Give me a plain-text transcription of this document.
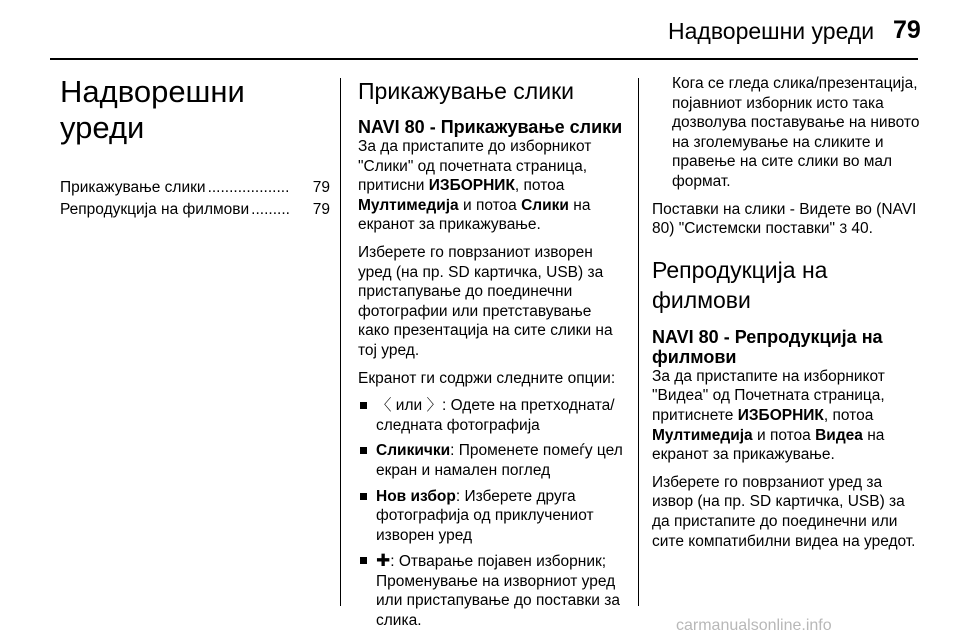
Надворешни уреди 79
Надворешни уреди
Прикажување слики ...................	79
Репродукција на филмови .........	79
Прикажување слики
NAVI 80 - Прикажување слики

За да пристапите до изборникот "Слики" од почетната страница, притисни ИЗБОРНИК, потоа Мултимедија и потоа Слики на екранот за прикажување.

Изберете го поврзаниот изворен уред (на пр. SD картичка, USB) за пристапување до поединечни фотографии или претставување како презентација на сите слики на тој уред.

Екранот ги содржи следните опции:

〈 или 〉: Одете на претходната/следната фотографија
Сликички: Променете помеѓу цел екран и намален поглед
Нов избор: Изберете друга фотографија од приклучениот изворен уред
✚: Отварање појавен изборник; Променување на изворниот уред или пристапување до поставки за слика.

Кога се гледа слика/презентација, појавниот изборник исто така дозволува поставување на нивото на зголемување на сликите и правење на сите слики во мал формат.

Поставки на слики - Видете во (NAVI 80) "Системски поставки" 3 40.

Репродукција на филмови
NAVI 80 - Репродукција на филмови

За да пристапите на изборникот "Видеа" од Почетната страница, притиснете ИЗБОРНИК, потоа Мултимедија и потоа Видеа на екранот за прикажување.

Изберете го поврзаниот уред за извор (на пр. SD картичка, USB) за да пристапите до поединечни или сите компатибилни видеа на уредот.

carmanualsonline.info
